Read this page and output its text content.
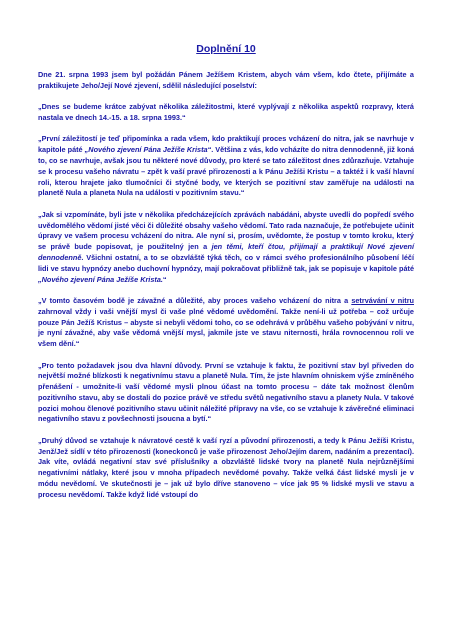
Doplnění 10

Dne 21. srpna 1993 jsem byl požádán Pánem Ježíšem Kristem, abych vám všem, kdo čtete, přijímáte a praktikujete Jeho/Její Nové zjevení, sdělil následující poselství:

„Dnes se budeme krátce zabývat několika záležitostmi, které vyplývají z několika aspektů rozpravy, která nastala ve dnech 14.-15. a 18. srpna 1993.“

„První záležitostí je teď připomínka a rada všem, kdo praktikují proces vcházení do nitra, jak se navrhuje v kapitole páté „Nového zjevení Pána Ježíše Krista“. Většina z vás, kdo vcházíte do nitra dennodenně, již koná to, co se navrhuje, avšak jsou tu některé nové důvody, pro které se tato záležitost dnes zdůrazňuje. Vztahuje se k procesu vašeho návratu – zpět k vaší pravé přirozenosti a k Pánu Ježíši Kristu – a taktéž i k vaší hlavní roli, kterou hrajete jako tlumočníci či styčné body, ve kterých se pozitivní stav zaměřuje na události na planetě Nula a planeta Nula na události v pozitivním stavu.“

„Jak si vzpomínáte, byli jste v několika předcházejících zprávách nabádáni, abyste uvedli do popředí svého uvědomělého vědomí jisté věci či důležité obsahy vašeho vědomí. Tato rada naznačuje, že potřebujete učinit úpravy ve vašem procesu vcházení do nitra. Ale nyní si, prosím, uvědomte, že postup v tomto kroku, který se právě bude popisovat, je použitelný jen a jen těmi, kteří čtou, přijímají a praktikují Nové zjevení dennodenně. Všichni ostatní, a to se obzvláště týká těch, co v rámci svého profesionálního působení léčí lidi ve stavu hypnózy anebo duchovní hypnózy, mají pokračovat přibližně tak, jak se popisuje v kapitole páté „Nového zjevení Pána Ježíše Krista.“

„V tomto časovém bodě je závažné a důležité, aby proces vašeho vcházení do nitra a setrvávání v nitru zahrnoval vždy i vaši vnější mysl či vaše plné vědomé uvědomění. Takže není-li už potřeba – což určuje pouze Pán Ježíš Kristus – abyste si nebyli vědomi toho, co se odehrává v průběhu vašeho pobývání v nitru, je nyní závažné, aby vaše vědomá vnější mysl, jakmile jste ve stavu niternosti, hrála rovnocennou roli ve všem dění.“

„Pro tento požadavek jsou dva hlavní důvody. První se vztahuje k faktu, že pozitivní stav byl přiveden do největší možné blízkosti k negativnímu stavu a planetě Nula. Tím, že jste hlavním ohniskem výše zmíněného přenášení - umožnite-li vaší vědomé mysli plnou účast na tomto procesu – dáte tak možnost členům pozitivního stavu, aby se dostali do pozice právě ve středu světů negativního stavu a planety Nula. V takové pozici mohou členové pozitivního stavu učinit náležité přípravy na vše, co se vztahuje k závěrečné eliminaci negativního stavu z povšechnosti jsoucna a bytí.“

„Druhý důvod se vztahuje k návratové cestě k vaší ryzí a původní přirozenosti, a tedy k Pánu Ježíši Kristu, Jenž/Jež sídlí v této přirozenosti (koneckonců je vaše přirozenost Jeho/Jejím darem, nadáním a prezentací). Jak víte, ovládá negativní stav své příslušníky a obzvláště lidské tvory na planetě Nula nejrůznějšími negativními nátlaky, které jsou v mnoha případech nevědomé povahy. Takže velká část lidské mysli je v módu nevědomí. Ve skutečnosti je – jak už bylo dříve stanoveno – více jak 95 % lidské mysli ve stavu a procesu nevědomí. Takže když lidé vstoupí do
